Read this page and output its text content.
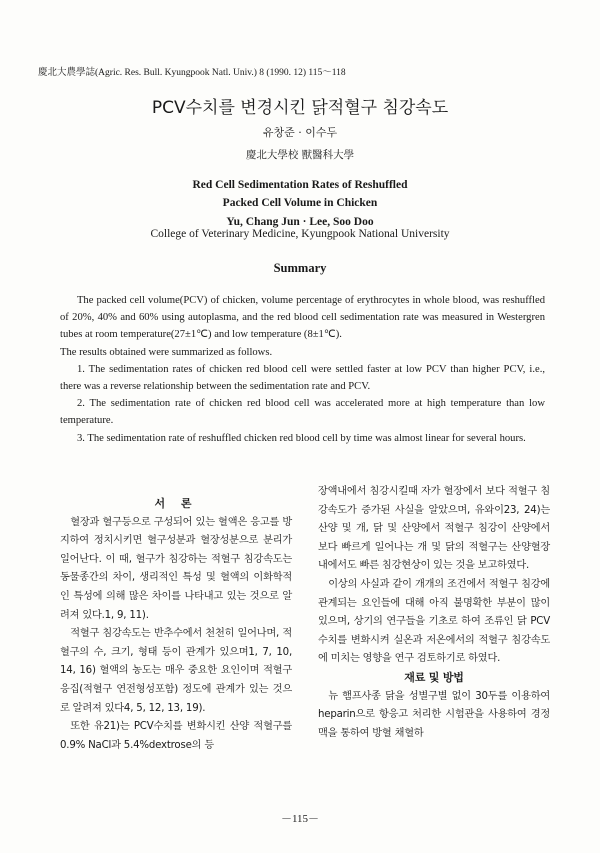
慶北大農學誌(Agric. Res. Bull. Kyungpook Natl. Univ.) 8 (1990. 12) 115～118
PCV수치를 변경시킨 닭적혈구 침강속도
유창준 · 이수두
慶北大學校 獸醫科大學
Red Cell Sedimentation Rates of Reshuffled
Packed Cell Volume in Chicken
Yu, Chang Jun · Lee, Soo Doo
College of Veterinary Medicine, Kyungpook National University
Summary

The packed cell volume(PCV) of chicken, volume percentage of erythrocytes in whole blood, was reshuffled of 20%, 40% and 60% using autoplasma, and the red blood cell sedimentation rate was measured in Westergren tubes at room temperature(27±1℃) and low temperature (8±1℃).

The results obtained were summarized as follows.

1. The sedimentation rates of chicken red blood cell were settled faster at low PCV than higher PCV, i.e., there was a reverse relationship between the sedimentation rate and PCV.

2. The sedimentation rate of chicken red blood cell was accelerated more at high temperature than low temperature.

3. The sedimentation rate of reshuffled chicken red blood cell by time was almost linear for several hours.

서 론

혈장과 혈구등으로 구성되어 있는 혈액은 응고를 방지하여 정치시키면 혈구성분과 혈장성분으로 분리가 일어난다. 이 때, 혈구가 침강하는 적혈구 침강속도는 동물종간의 차이, 생리적인 특성 및 혈액의 이화학적인 특성에 의해 많은 차이를 나타내고 있는 것으로 알려져 있다.1, 9, 11).

적혈구 침강속도는 반추수에서 천천히 일어나며, 적혈구의 수, 크기, 형태 등이 관계가 있으며1, 7, 10, 14, 16) 혈액의 농도는 매우 중요한 요인이며 적혈구 응집(적혈구 연전형성포함) 정도에 관계가 있는 것으로 알려져 있다4, 5, 12, 13, 19).

또한 유21)는 PCV수치를 변화시킨 산양 적혈구를 0.9% NaCl과 5.4%dextrose의 등

장액내에서 침강시킬때 자가 혈장에서 보다 적혈구 침강속도가 증가된 사실을 알았으며, 유와이23, 24)는 산양 및 개, 닭 및 산양에서 적혈구 침강이 산양에서 보다 빠르게 일어나는 개 및 닭의 적혈구는 산양혈장내에서도 빠른 침강현상이 있는 것을 보고하였다.

이상의 사실과 같이 개개의 조건에서 적혈구 침강에 관계되는 요인들에 대해 아직 불명확한 부분이 많이 있으며, 상기의 연구들을 기초로 하여 조류인 닭 PCV수치를 변화시켜 실온과 저온에서의 적혈구 침강속도에 미치는 영향을 연구 검토하기로 하였다.

재료 및 방법

뉴 햄프사종 닭을 성별구별 없이 30두를 이용하여 heparin으로 항응고 처리한 시험관을 사용하여 경정맥을 통하여 방혈 채혈하

－115－
